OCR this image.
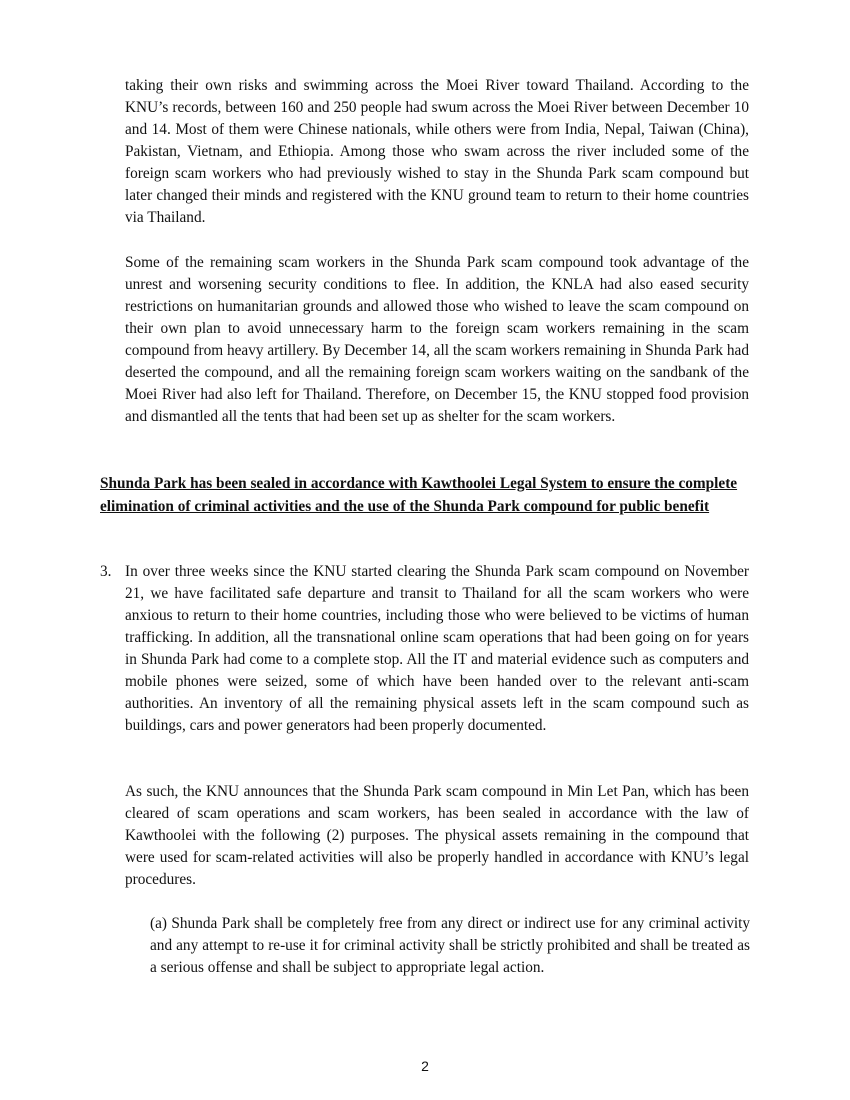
taking their own risks and swimming across the Moei River toward Thailand. According to the KNU’s records, between 160 and 250 people had swum across the Moei River between December 10 and 14. Most of them were Chinese nationals, while others were from India, Nepal, Taiwan (China), Pakistan, Vietnam, and Ethiopia. Among those who swam across the river included some of the foreign scam workers who had previously wished to stay in the Shunda Park scam compound but later changed their minds and registered with the KNU ground team to return to their home countries via Thailand.

Some of the remaining scam workers in the Shunda Park scam compound took advantage of the unrest and worsening security conditions to flee. In addition, the KNLA had also eased security restrictions on humanitarian grounds and allowed those who wished to leave the scam compound on their own plan to avoid unnecessary harm to the foreign scam workers remaining in the scam compound from heavy artillery. By December 14, all the scam workers remaining in Shunda Park had deserted the compound, and all the remaining foreign scam workers waiting on the sandbank of the Moei River had also left for Thailand. Therefore, on December 15, the KNU stopped food provision and dismantled all the tents that had been set up as shelter for the scam workers.

Shunda Park has been sealed in accordance with Kawthoolei Legal System to ensure the complete elimination of criminal activities and the use of the Shunda Park compound for public benefit

3. In over three weeks since the KNU started clearing the Shunda Park scam compound on November 21, we have facilitated safe departure and transit to Thailand for all the scam workers who were anxious to return to their home countries, including those who were believed to be victims of human trafficking. In addition, all the transnational online scam operations that had been going on for years in Shunda Park had come to a complete stop. All the IT and material evidence such as computers and mobile phones were seized, some of which have been handed over to the relevant anti-scam authorities. An inventory of all the remaining physical assets left in the scam compound such as buildings, cars and power generators had been properly documented.

As such, the KNU announces that the Shunda Park scam compound in Min Let Pan, which has been cleared of scam operations and scam workers, has been sealed in accordance with the law of Kawthoolei with the following (2) purposes. The physical assets remaining in the compound that were used for scam-related activities will also be properly handled in accordance with KNU’s legal procedures.

(a) Shunda Park shall be completely free from any direct or indirect use for any criminal activity and any attempt to re-use it for criminal activity shall be strictly prohibited and shall be treated as a serious offense and shall be subject to appropriate legal action.

2
